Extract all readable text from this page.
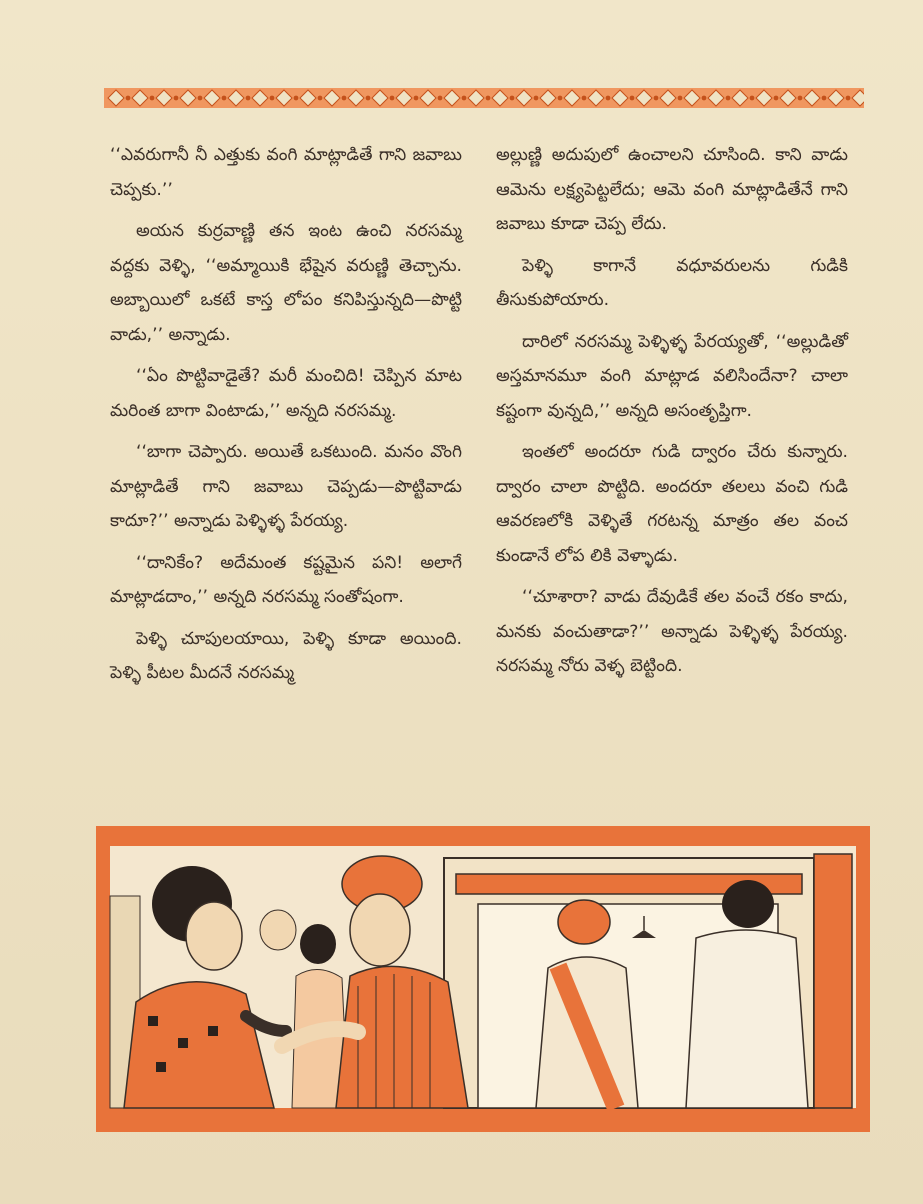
‘‘ఎవరుగానీ నీ ఎత్తుకు వంగి మాట్లాడితే గాని జవాబు చెప్పకు.’’

అయన కుర్రవాణ్ణి తన ఇంట ఉంచి నరసమ్మ వద్దకు వెళ్ళి, ‘‘అమ్మాయికి భేషైన వరుణ్ణి తెచ్చాను. అబ్బాయిలో ఒకటే కాస్త లోపం కనిపిస్తున్నది—పొట్టి వాడు,’’ అన్నాడు.

‘‘ఏం పొట్టివాడైతే? మరీ మంచిది! చెప్పిన మాట మరింత బాగా వింటాడు,’’ అన్నది నరసమ్మ.

‘‘బాగా చెప్పారు. అయితే ఒకటుంది. మనం వొంగి మాట్లాడితే గాని జవాబు చెప్పడు—పొట్టివాడు కాదూ?’’ అన్నాడు పెళ్ళిళ్ళ పేరయ్య.

‘‘దానికేం? అదేమంత కష్టమైన పని! అలాగే మాట్లాడదాం,’’ అన్నది నరసమ్మ సంతోషంగా.

పెళ్ళి చూపులయాయి, పెళ్ళి కూడా అయింది. పెళ్ళి పీటల మీదనే నరసమ్మ

అల్లుణ్ణి అదుపులో ఉంచాలని చూసింది. కాని వాడు ఆమెను లక్ష్యపెట్టలేదు; ఆమె వంగి మాట్లాడితేనే గాని జవాబు కూడా చెప్ప లేదు.

పెళ్ళి కాగానే వధూవరులను గుడికి తీసుకుపోయారు.

దారిలో నరసమ్మ పెళ్ళిళ్ళ పేరయ్యతో, ‘‘అల్లుడితో అస్తమానమూ వంగి మాట్లాడ వలిసిందేనా? చాలా కష్టంగా వున్నది,’’ అన్నది అసంతృప్తిగా.

ఇంతలో అందరూ గుడి ద్వారం చేరు కున్నారు. ద్వారం చాలా పొట్టిది. అందరూ తలలు వంచి గుడి ఆవరణలోకి వెళ్ళితే గరటన్న మాత్రం తల వంచ కుండానే లోప లికి వెళ్ళాడు.

‘‘చూశారా? వాడు దేవుడికే తల వంచే రకం కాదు, మనకు వంచుతాడా?’’ అన్నాడు పెళ్ళిళ్ళ పేరయ్య. నరసమ్మ నోరు వెళ్ళ బెట్టింది.
